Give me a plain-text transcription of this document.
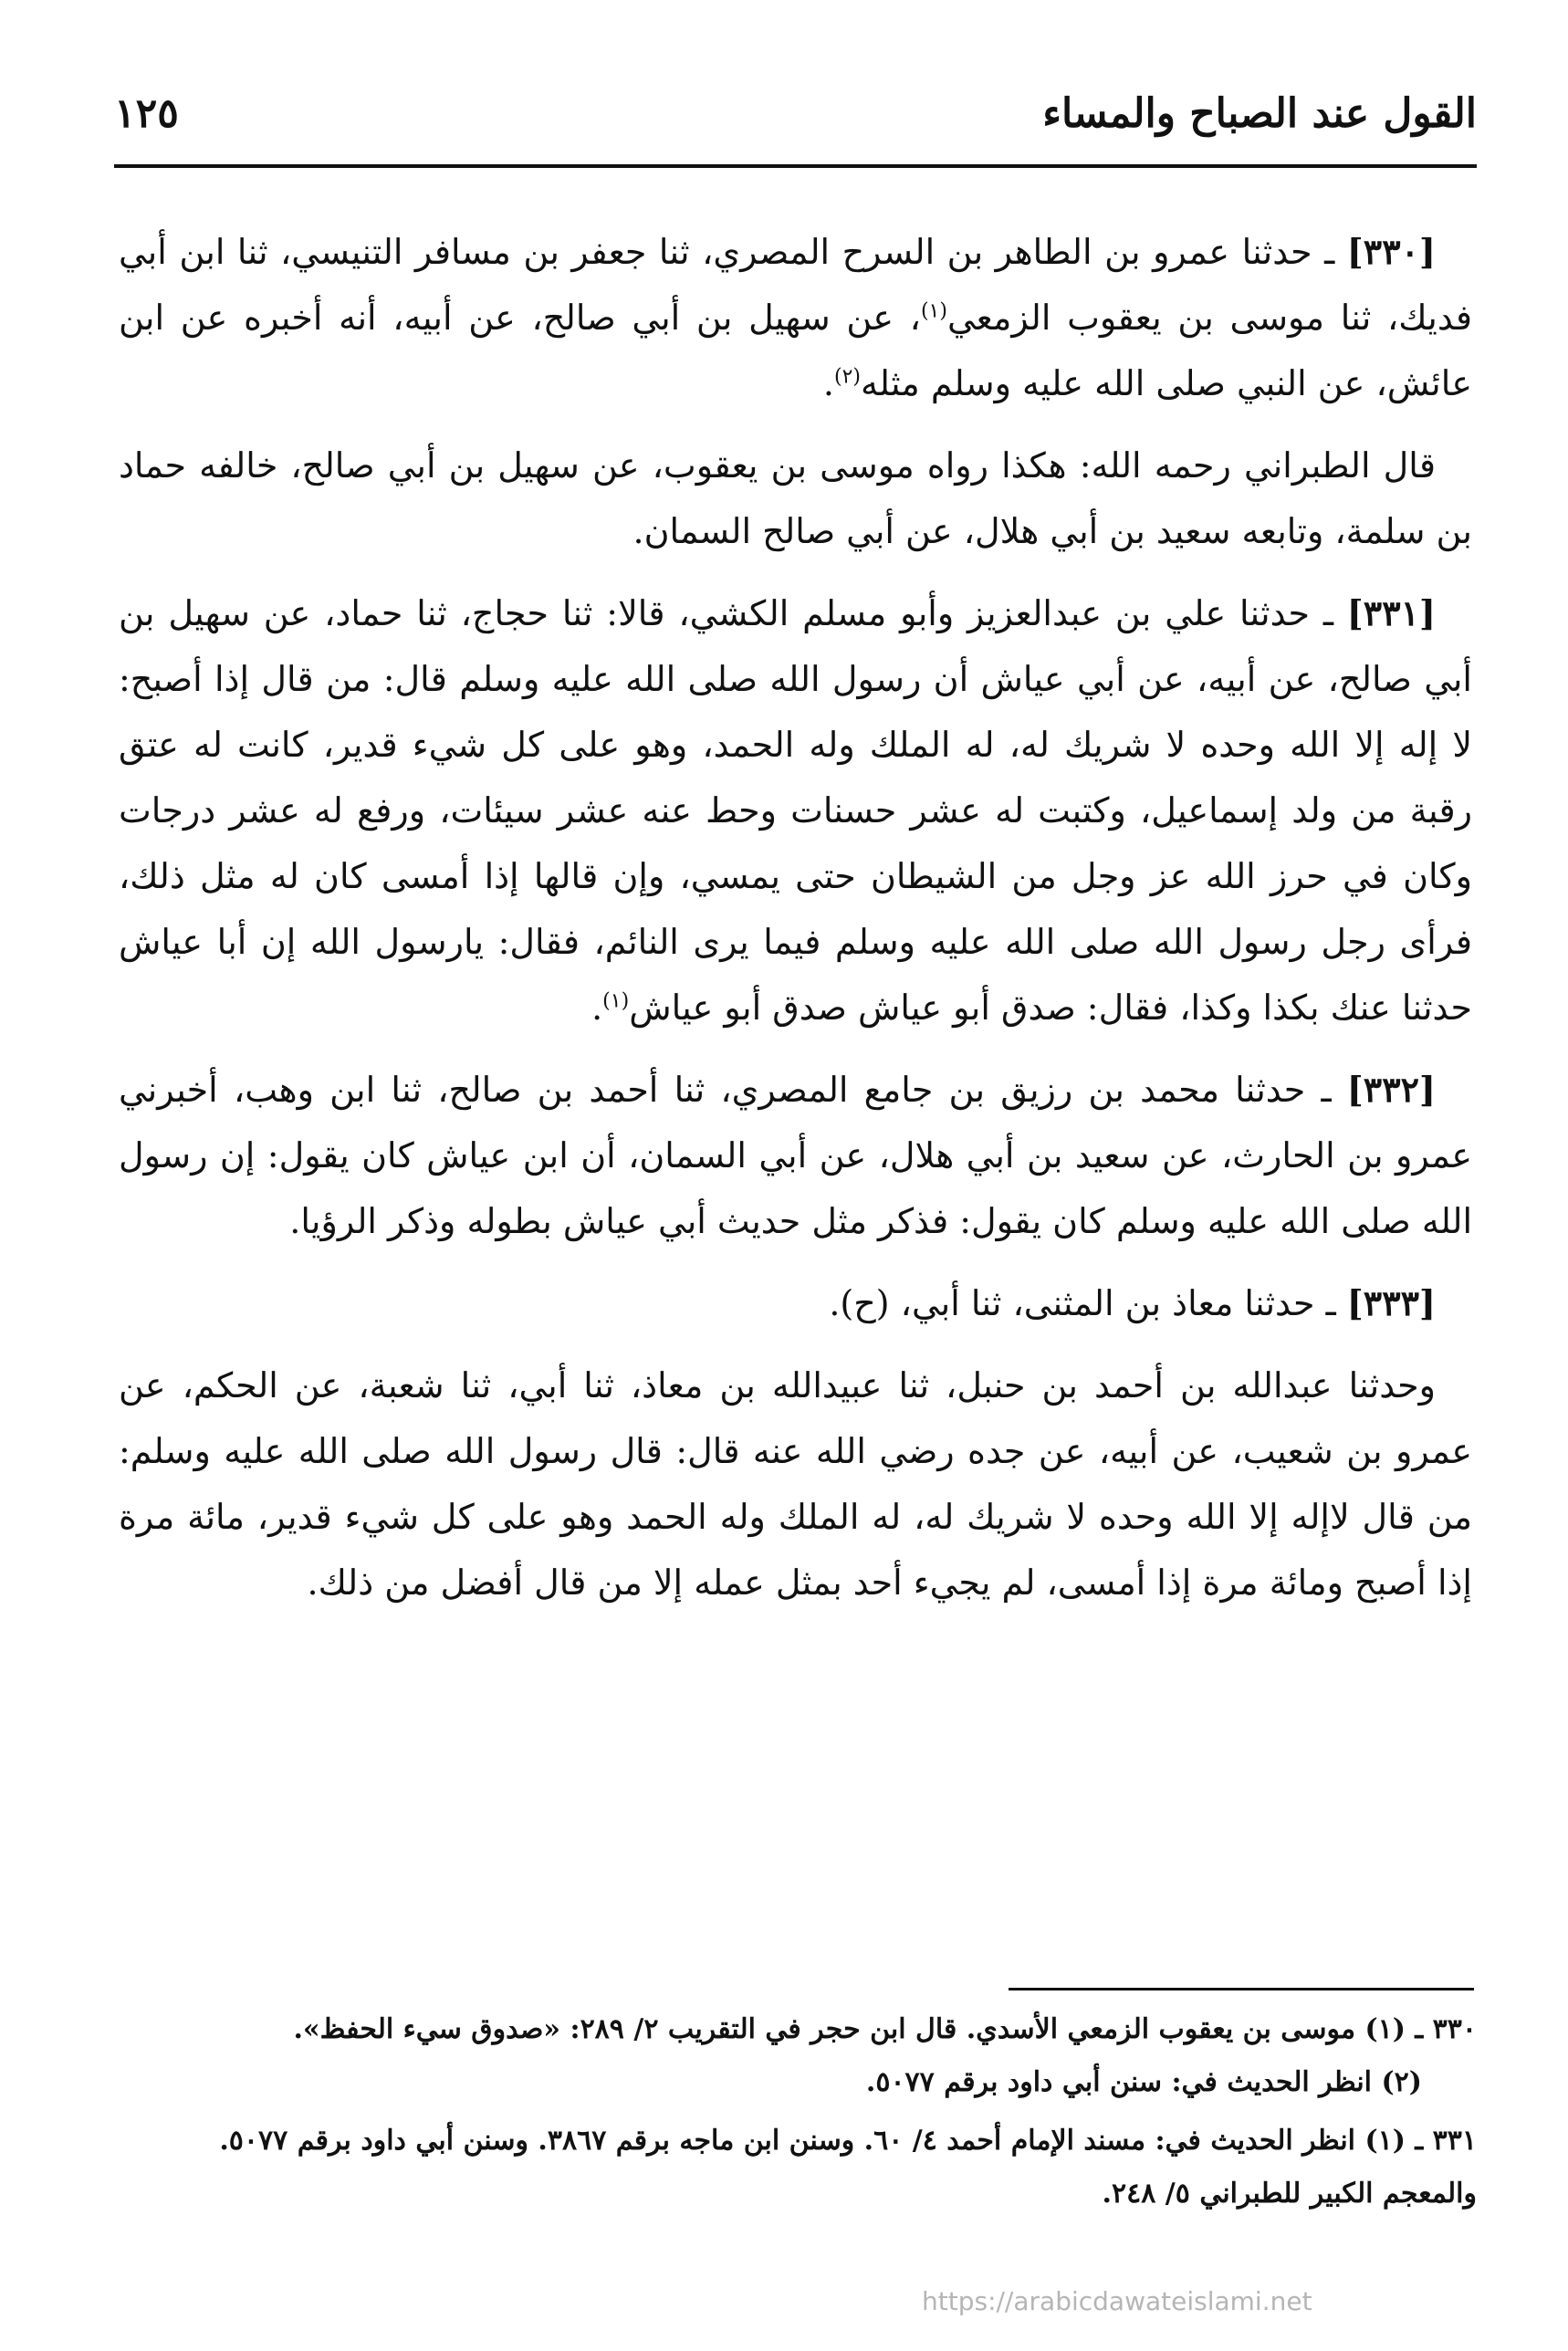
القول عند الصباح والمساء
١٢٥

[٣٣٠] ـ حدثنا عمرو بن الطاهر بن السرح المصري، ثنا جعفر بن مسافر التنيسي، ثنا ابن أبي فديك، ثنا موسى بن يعقوب الزمعي$^{(١)}$، عن سهيل بن أبي صالح، عن أبيه، أنه أخبره عن ابن عائش، عن النبي صلى الله عليه وسلم مثله$^{(٢)}$.

قال الطبراني رحمه الله: هكذا رواه موسى بن يعقوب، عن سهيل بن أبي صالح، خالفه حماد بن سلمة، وتابعه سعيد بن أبي هلال، عن أبي صالح السمان.

[٣٣١] ـ حدثنا علي بن عبدالعزيز وأبو مسلم الكشي، قالا: ثنا حجاج، ثنا حماد، عن سهيل بن أبي صالح، عن أبيه، عن أبي عياش أن رسول الله صلى الله عليه وسلم قال: من قال إذا أصبح: لا إله إلا الله وحده لا شريك له، له الملك وله الحمد، وهو على كل شيء قدير، كانت له عتق رقبة من ولد إسماعيل، وكتبت له عشر حسنات وحط عنه عشر سيئات، ورفع له عشر درجات وكان في حرز الله عز وجل من الشيطان حتى يمسي، وإن قالها إذا أمسى كان له مثل ذلك، فرأى رجل رسول الله صلى الله عليه وسلم فيما يرى النائم، فقال: يارسول الله إن أبا عياش حدثنا عنك بكذا وكذا، فقال: صدق أبو عياش صدق أبو عياش$^{(١)}$.

[٣٣٢] ـ حدثنا محمد بن رزيق بن جامع المصري، ثنا أحمد بن صالح، ثنا ابن وهب، أخبرني عمرو بن الحارث، عن سعيد بن أبي هلال، عن أبي السمان، أن ابن عياش كان يقول: إن رسول الله صلى الله عليه وسلم كان يقول: فذكر مثل حديث أبي عياش بطوله وذكر الرؤيا.

[٣٣٣] ـ حدثنا معاذ بن المثنى، ثنا أبي، (ح).

وحدثنا عبدالله بن أحمد بن حنبل، ثنا عبيدالله بن معاذ، ثنا أبي، ثنا شعبة، عن الحكم، عن عمرو بن شعيب، عن أبيه، عن جده رضي الله عنه قال: قال رسول الله صلى الله عليه وسلم: من قال لاإله إلا الله وحده لا شريك له، له الملك وله الحمد وهو على كل شيء قدير، مائة مرة إذا أصبح ومائة مرة إذا أمسى، لم يجيء أحد بمثل عمله إلا من قال أفضل من ذلك.

٣٣٠ ـ (١) موسى بن يعقوب الزمعي الأسدي. قال ابن حجر في التقريب ٢/ ٢٨٩: «صدوق سيء الحفظ».

(٢) انظر الحديث في: سنن أبي داود برقم ٥٠٧٧.

٣٣١ ـ (١) انظر الحديث في: مسند الإمام أحمد ٤/ ٦٠. وسنن ابن ماجه برقم ٣٨٦٧. وسنن أبي داود برقم ٥٠٧٧. والمعجم الكبير للطبراني ٥/ ٢٤٨.

https://arabicdawateislami.net
